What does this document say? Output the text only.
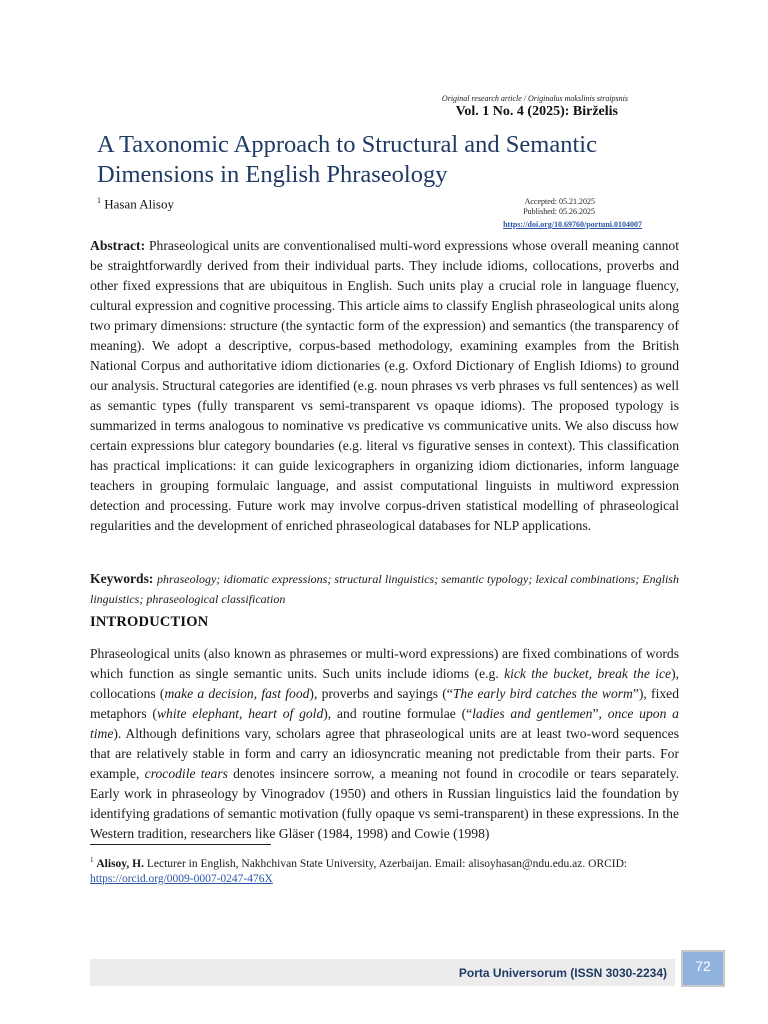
Original research article / Originalus mokslinis straipsnis
Vol. 1 No. 4 (2025): Birželis
A Taxonomic Approach to Structural and Semantic Dimensions in English Phraseology
$^1$ Hasan Alisoy	Accepted: 05.21.2025
Published: 05.26.2025
https://doi.org/10.69760/portuni.0104007
Abstract: Phraseological units are conventionalised multi-word expressions whose overall meaning cannot be straightforwardly derived from their individual parts. They include idioms, collocations, proverbs and other fixed expressions that are ubiquitous in English. Such units play a crucial role in language fluency, cultural expression and cognitive processing. This article aims to classify English phraseological units along two primary dimensions: structure (the syntactic form of the expression) and semantics (the transparency of meaning). We adopt a descriptive, corpus-based methodology, examining examples from the British National Corpus and authoritative idiom dictionaries (e.g. Oxford Dictionary of English Idioms) to ground our analysis. Structural categories are identified (e.g. noun phrases vs verb phrases vs full sentences) as well as semantic types (fully transparent vs semi-transparent vs opaque idioms). The proposed typology is summarized in terms analogous to nominative vs predicative vs communicative units. We also discuss how certain expressions blur category boundaries (e.g. literal vs figurative senses in context). This classification has practical implications: it can guide lexicographers in organizing idiom dictionaries, inform language teachers in grouping formulaic language, and assist computational linguists in multiword expression detection and processing. Future work may involve corpus-driven statistical modelling of phraseological regularities and the development of enriched phraseological databases for NLP applications.
Keywords: phraseology; idiomatic expressions; structural linguistics; semantic typology; lexical combinations; English linguistics; phraseological classification
INTRODUCTION
Phraseological units (also known as phrasemes or multi-word expressions) are fixed combinations of words which function as single semantic units. Such units include idioms (e.g. kick the bucket, break the ice), collocations (make a decision, fast food), proverbs and sayings (“The early bird catches the worm”), fixed metaphors (white elephant, heart of gold), and routine formulae (“ladies and gentlemen”, once upon a time). Although definitions vary, scholars agree that phraseological units are at least two-word sequences that are relatively stable in form and carry an idiosyncratic meaning not predictable from their parts. For example, crocodile tears denotes insincere sorrow, a meaning not found in crocodile or tears separately. Early work in phraseology by Vinogradov (1950) and others in Russian linguistics laid the foundation by identifying gradations of semantic motivation (fully opaque vs semi-transparent) in these expressions. In the Western tradition, researchers like Gläser (1984, 1998) and Cowie (1998)
$^1$ Alisoy, H. Lecturer in English, Nakhchivan State University, Azerbaijan. Email: alisoyhasan@ndu.edu.az. ORCID:
https://orcid.org/0009-0007-0247-476X
Porta Universorum (ISSN 3030-2234)	72
